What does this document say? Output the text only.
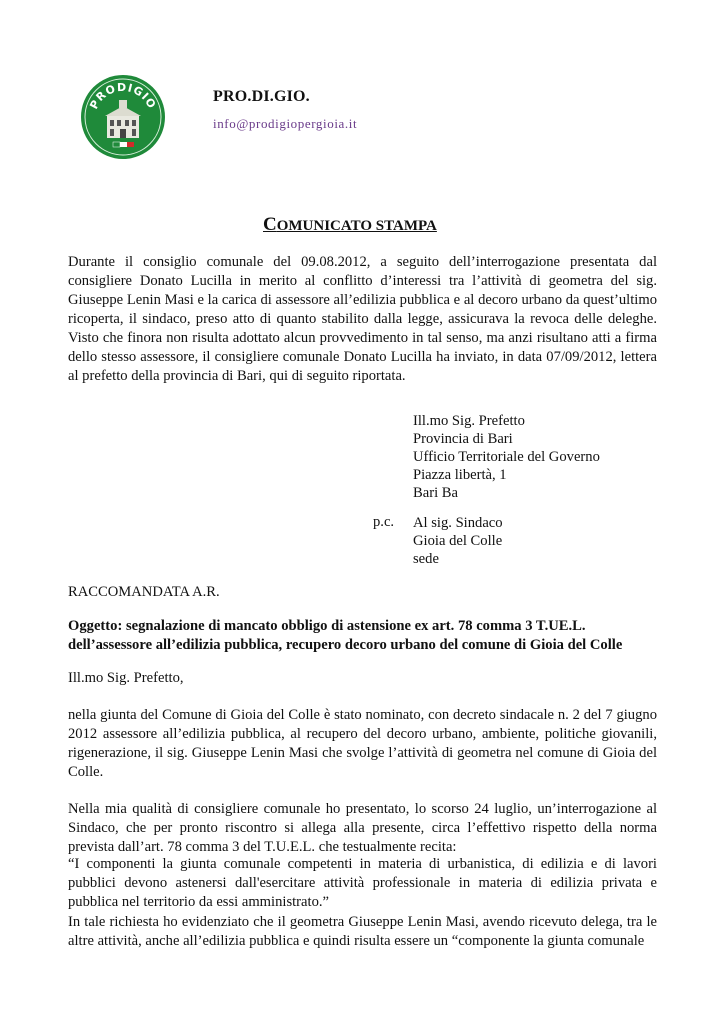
PRODIGIO	PRO.DI.GIO.
info@prodigiopergioia.it
COMUNICATO STAMPA

Durante il consiglio comunale del 09.08.2012, a seguito dell’interrogazione presentata dal consigliere Donato Lucilla in merito al conflitto d’interessi tra l’attività di geometra del sig. Giuseppe Lenin Masi e la carica di assessore all’edilizia pubblica e al decoro urbano da quest’ultimo ricoperta, il sindaco, preso atto di quanto stabilito dalla legge, assicurava la revoca delle deleghe. Visto che finora non risulta adottato alcun provvedimento in tal senso, ma anzi risultano atti a firma dello stesso assessore, il consigliere comunale Donato Lucilla ha inviato, in data 07/09/2012, lettera al prefetto della provincia di Bari, qui di seguito riportata.

Ill.mo Sig. Prefetto
Provincia di Bari
Ufficio Territoriale del Governo
Piazza libertà, 1
Bari Ba
p.c. Al sig. Sindaco
Gioia del Colle
sede

RACCOMANDATA A.R.

Oggetto: segnalazione di mancato obbligo di astensione ex art. 78 comma 3 T.UE.L.
dell’assessore all’edilizia pubblica, recupero decoro urbano del comune di Gioia del Colle

Ill.mo Sig. Prefetto,

nella giunta del Comune di Gioia del Colle è stato nominato, con decreto sindacale n. 2 del 7 giugno 2012 assessore all’edilizia pubblica, al recupero del decoro urbano, ambiente, politiche giovanili, rigenerazione, il sig. Giuseppe Lenin Masi che svolge l’attività di geometra nel comune di Gioia del Colle.

Nella mia qualità di consigliere comunale ho presentato, lo scorso 24 luglio, un’interrogazione al Sindaco, che per pronto riscontro si allega alla presente, circa l’effettivo rispetto della norma prevista dall’art. 78 comma 3 del T.U.E.L. che testualmente recita:

“I componenti la giunta comunale competenti in materia di urbanistica, di edilizia e di lavori pubblici devono astenersi dall'esercitare attività professionale in materia di edilizia privata e pubblica nel territorio da essi amministrato.”

In tale richiesta ho evidenziato che il geometra Giuseppe Lenin Masi, avendo ricevuto delega, tra le altre attività, anche all’edilizia pubblica e quindi risulta essere un “componente la giunta comunale
